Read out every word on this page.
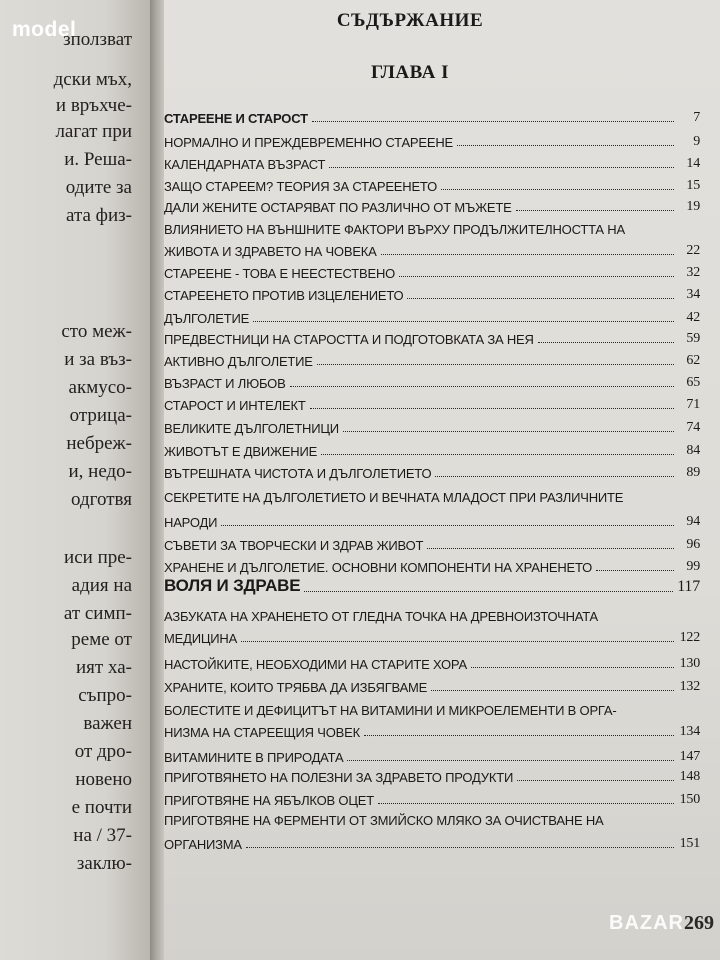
зползват
дски мъх,
и връхче-
лагат при
и. Реша-
одите за
ата физ-
сто меж-
и за въз-
акмусо-
отрица-
небреж-
и, недо-
одготвя
иси пре-
адия на
ат симп-
реме от
ият ха-
съпро-
важен
от дро-
новено
е почти
на / 37-
заклю-
model	СЪДЪРЖАНИЕ
ГЛАВА I
СТАРЕЕНЕ И СТАРОСТ	7
НОРМАЛНО И ПРЕЖДЕВРЕМЕННО СТАРЕЕНЕ	9
КАЛЕНДАРНАТА ВЪЗРАСТ	14
ЗАЩО СТАРЕЕМ? ТЕОРИЯ ЗА СТАРЕЕНЕТО	15
ДАЛИ ЖЕНИТЕ ОСТАРЯВАТ ПО РАЗЛИЧНО ОТ МЪЖЕТЕ	19
ВЛИЯНИЕТО НА ВЪНШНИТЕ ФАКТОРИ ВЪРХУ ПРОДЪЛЖИТЕЛНОСТТА НА
ЖИВОТА И ЗДРАВЕТО НА ЧОВЕКА	22
СТАРЕЕНЕ - ТОВА Е НЕЕСТЕСТВЕНО	32
СТАРЕЕНЕТО ПРОТИВ ИЗЦЕЛЕНИЕТО	34
ДЪЛГОЛЕТИЕ	42
ПРЕДВЕСТНИЦИ НА СТАРОСТТА И ПОДГОТОВКАТА ЗА НЕЯ	59
АКТИВНО ДЪЛГОЛЕТИЕ	62
ВЪЗРАСТ И ЛЮБОВ	65
СТАРОСТ И ИНТЕЛЕКТ	71
ВЕЛИКИТЕ ДЪЛГОЛЕТНИЦИ	74
ЖИВОТЪТ Е ДВИЖЕНИЕ	84
ВЪТРЕШНАТА ЧИСТОТА И ДЪЛГОЛЕТИЕТО	89
СЕКРЕТИТЕ НА ДЪЛГОЛЕТИЕТО И ВЕЧНАТА МЛАДОСТ ПРИ РАЗЛИЧНИТЕ
НАРОДИ	94
СЪВЕТИ ЗА ТВОРЧЕСКИ И ЗДРАВ ЖИВОТ	96
ХРАНЕНЕ И ДЪЛГОЛЕТИЕ. ОСНОВНИ КОМПОНЕНТИ НА ХРАНЕНЕТО	99
ВОЛЯ И ЗДРАВЕ	117
АЗБУКАТА НА ХРАНЕНЕТО ОТ ГЛЕДНА ТОЧКА НА ДРЕВНОИЗТОЧНАТА
МЕДИЦИНА	122
НАСТОЙКИТЕ, НЕОБХОДИМИ НА СТАРИТЕ ХОРА	130
ХРАНИТЕ, КОИТО ТРЯБВА ДА ИЗБЯГВАМЕ	132
БОЛЕСТИТЕ И ДЕФИЦИТЪТ НА ВИТАМИНИ И МИКРОЕЛЕМЕНТИ В ОРГА-
НИЗМА НА СТАРЕЕЩИЯ ЧОВЕК	134
ВИТАМИНИТЕ В ПРИРОДАТА	147
ПРИГОТВЯНЕТО НА ПОЛЕЗНИ ЗА ЗДРАВЕТО ПРОДУКТИ	148
ПРИГОТВЯНЕ НА ЯБЪЛКОВ ОЦЕТ	150
ПРИГОТВЯНЕ НА ФЕРМЕНТИ ОТ ЗМИЙСКО МЛЯКО ЗА ОЧИСТВАНЕ НА
ОРГАНИЗМА	151
BAZAR 269
